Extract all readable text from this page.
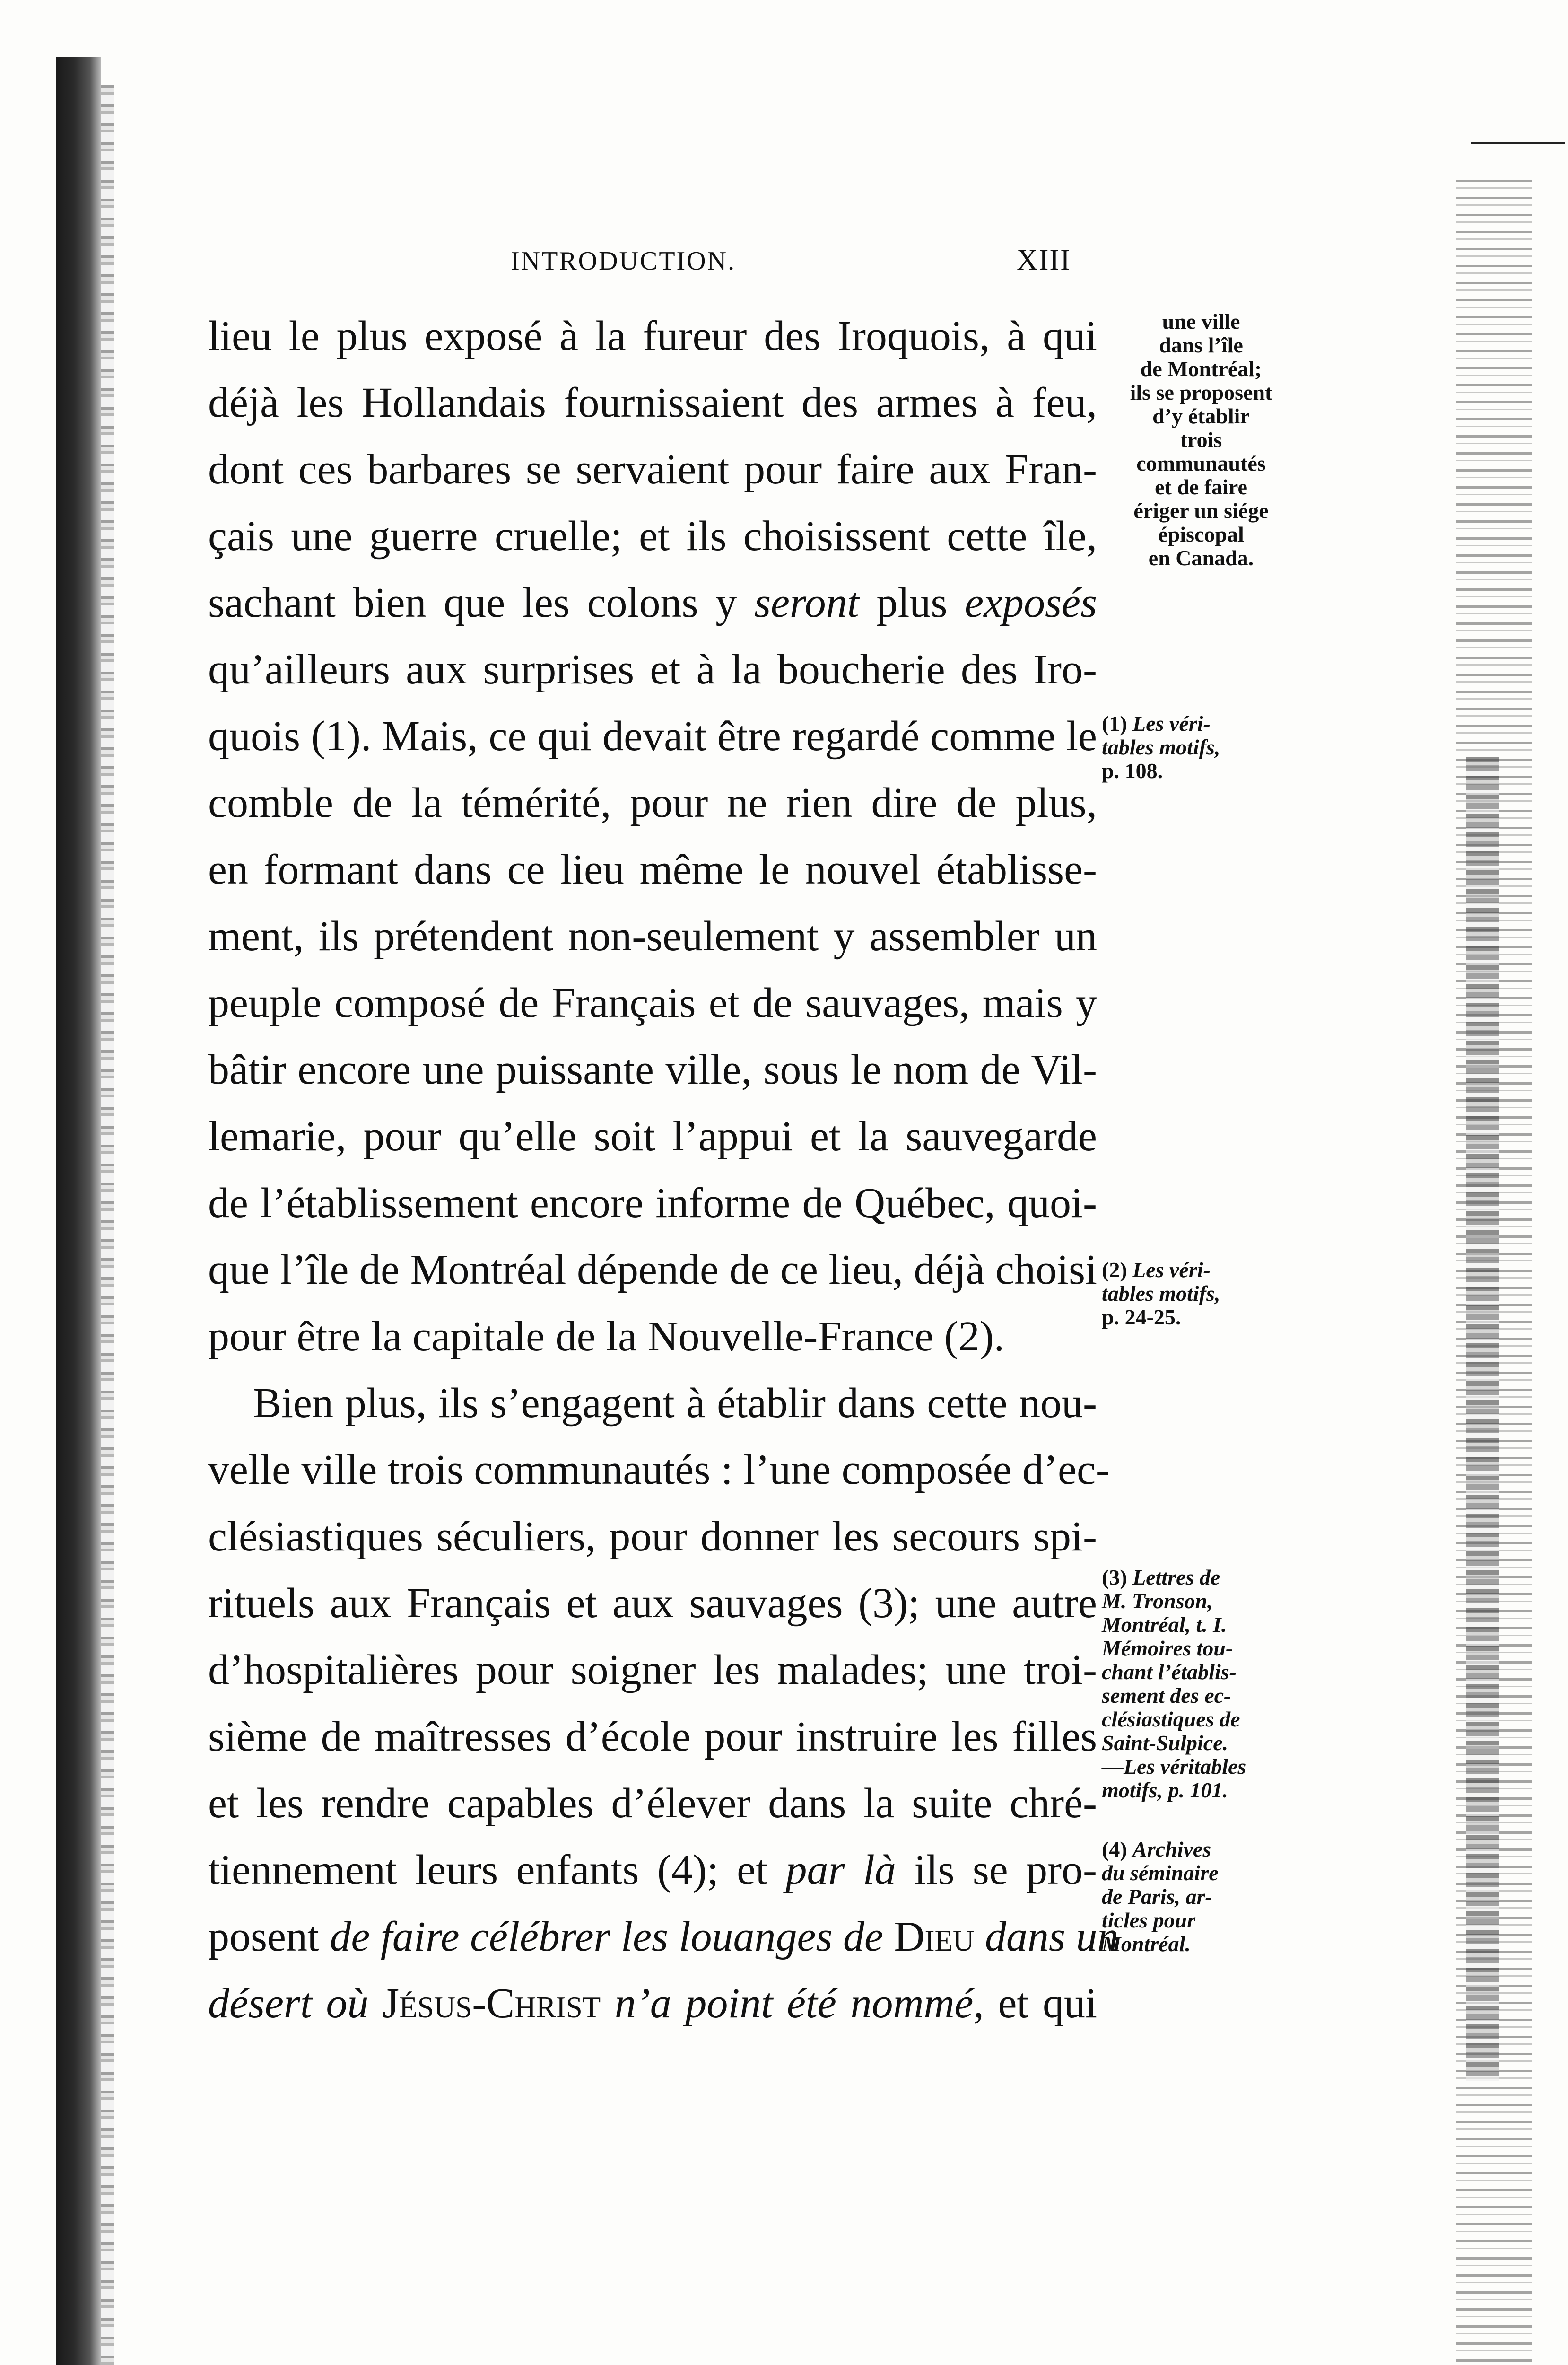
INTRODUCTION.	XIII
lieu le plus exposé à la fureur des Iroquois, à qui
déjà les Hollandais fournissaient des armes à feu,
dont ces barbares se servaient pour faire aux Fran-
çais une guerre cruelle; et ils choisissent cette île,
sachant bien que les colons y seront plus exposés
qu’ailleurs aux surprises et à la boucherie des Iro-
quois (1). Mais, ce qui devait être regardé comme le
comble de la témérité, pour ne rien dire de plus,
en formant dans ce lieu même le nouvel établisse-
ment, ils prétendent non-seulement y assembler un
peuple composé de Français et de sauvages, mais y
bâtir encore une puissante ville, sous le nom de Vil-
lemarie, pour qu’elle soit l’appui et la sauvegarde
de l’établissement encore informe de Québec, quoi-
que l’île de Montréal dépende de ce lieu, déjà choisi
pour être la capitale de la Nouvelle-France (2).
Bien plus, ils s’engagent à établir dans cette nou-
velle ville trois communautés : l’une composée d’ec-
clésiastiques séculiers, pour donner les secours spi-
rituels aux Français et aux sauvages (3); une autre
d’hospitalières pour soigner les malades; une troi-
sième de maîtresses d’école pour instruire les filles
et les rendre capables d’élever dans la suite chré-
tiennement leurs enfants (4); et par là ils se pro-
posent de faire célébrer les louanges de Dieu dans un
désert où Jésus-Christ n’a point été nommé, et qui
une ville
dans l’île
de Montréal;
ils se proposent
d’y établir
trois
communautés
et de faire
ériger un siége
épiscopal
en Canada.
(1) Les véri-
tables motifs,
p. 108.
(2) Les véri-
tables motifs,
p. 24-25.
(3) Lettres de
M. Tronson,
Montréal, t. I.
Mémoires tou-
chant l’établis-
sement des ec-
clésiastiques de
Saint-Sulpice.
—Les véritables
motifs, p. 101.
(4) Archives
du séminaire
de Paris, ar-
ticles pour
Montréal.
